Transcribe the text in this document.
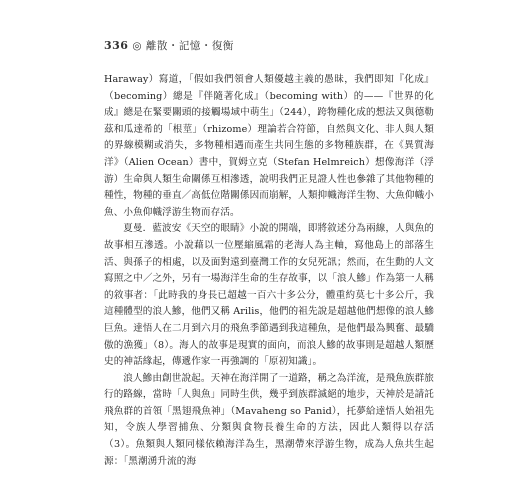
336 ◎ 離散・記憶・復衡

Haraway）寫道，「假如我們領會人類優越主義的愚昧，我們即知『化成』（becoming）總是『伴隨著化成』（becoming with）的——『世界的化成』總是在緊要關頭的接觸場域中萌生」（244），跨物種化成的想法又與德勒茲和瓜達希的「根莖」（rhizome）理論若合符節，自然與文化、非人與人類的界線模糊或消失，多物種相遇而產生共同生態的多物種族群，在《異質海洋》（Alien Ocean）書中，賀姆立克（Stefan Helmreich）想像海洋（浮游）生命與人類生命關係互相滲透，說明我們正見證人性也參雜了其他物種的種性，物種的垂直／高低位階關係因而崩解，人類抑幟海洋生物、大魚仰幟小魚、小魚仰幟浮游生物而存活。

夏曼．藍波安《天空的眼睛》小說的開端，即將敘述分為兩線，人與魚的故事相互滲透。小說藉以一位壓縮風霜的老海人為主軸，寫他島上的部落生活、與孫子的相處，以及面對遠到臺灣工作的女兒死訊；然而，在生動的人文寫照之中／之外，另有一場海洋生命的生存故事，以「浪人鰺」作為第一人稱的敘事者：「此時我的身長已超越一百六十多公分，體重約莫七十多公斤，我這種體型的浪人鰺，他們又稱 Arilis，他們的祖先說是超越他們想像的浪人鰺巨魚。達悟人在二月到六月的飛魚季節遇到我這種魚，是他們最為興奮、最驕傲的漁獲」（8）。海人的故事是現實的面向，而浪人鰺的故事則是超越人類歷史的神話緣起，傳遞作家一再強調的「原初知識」。

浪人鰺由創世說起。天神在海洋開了一道路，稱之為洋流，是飛魚族群旅行的路線，當時「人與魚」同時生供，幾乎到族群滅絕的地步，天神於是請託飛魚群的首領「黑翅飛魚神」（Mavaheng so Panid），托夢給達悟人始祖先知，令族人學習捕魚、分類與食物長養生命的方法，因此人類得以存活（3）。魚類與人類同樣依賴海洋為生，黑潮帶來浮游生物，成為人魚共生起源：「黑潮湧升流的海
